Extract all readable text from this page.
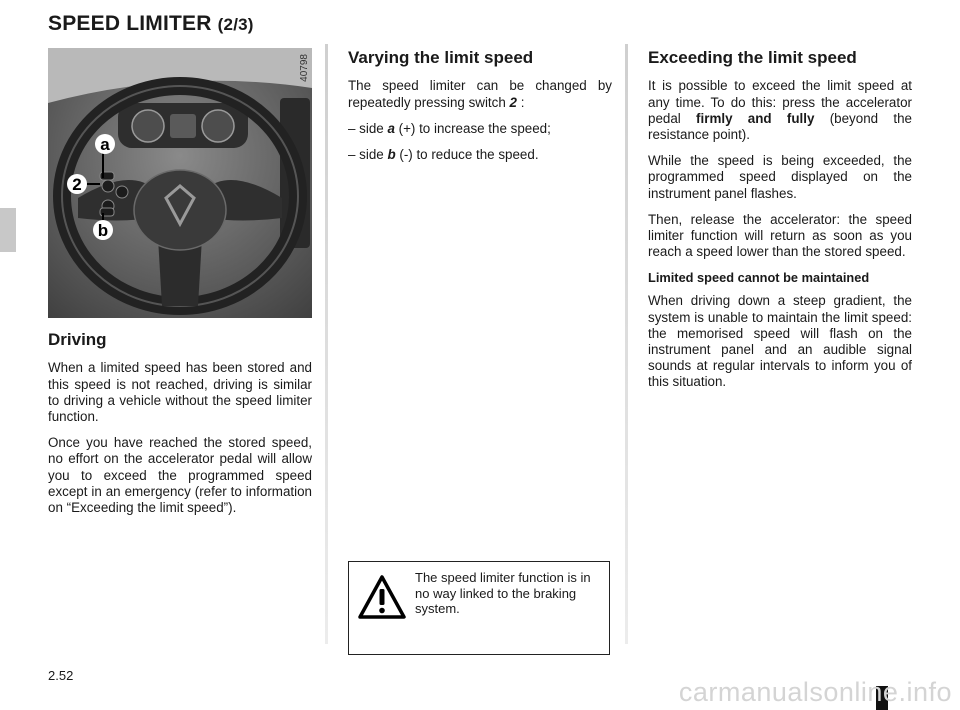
SPEED LIMITER (2/3)
a
2
b
40798
Driving

When a limited speed has been stored and this speed is not reached, driving is similar to driving a vehicle without the speed limiter function.

Once you have reached the stored speed, no effort on the accelerator pedal will allow you to exceed the programmed speed except in an emergency (refer to information on “Exceeding the limit speed”).

Varying the limit speed

The speed limiter can be changed by repeatedly pressing switch 2 :

– side a (+) to increase the speed;
– side b (-) to reduce the speed.
The speed limiter function is in no way linked to the braking system.
Exceeding the limit speed

It is possible to exceed the limit speed at any time. To do this: press the accelerator pedal firmly and fully (beyond the resistance point).

While the speed is being exceeded, the programmed speed displayed on the instrument panel flashes.

Then, release the accelerator: the speed limiter function will return as soon as you reach a speed lower than the stored speed.

Limited speed cannot be maintained

When driving down a steep gradient, the system is unable to maintain the limit speed: the memorised speed will flash on the instrument panel and an audible signal sounds at regular intervals to inform you of this situation.

2.52
carmanualsonline.info
